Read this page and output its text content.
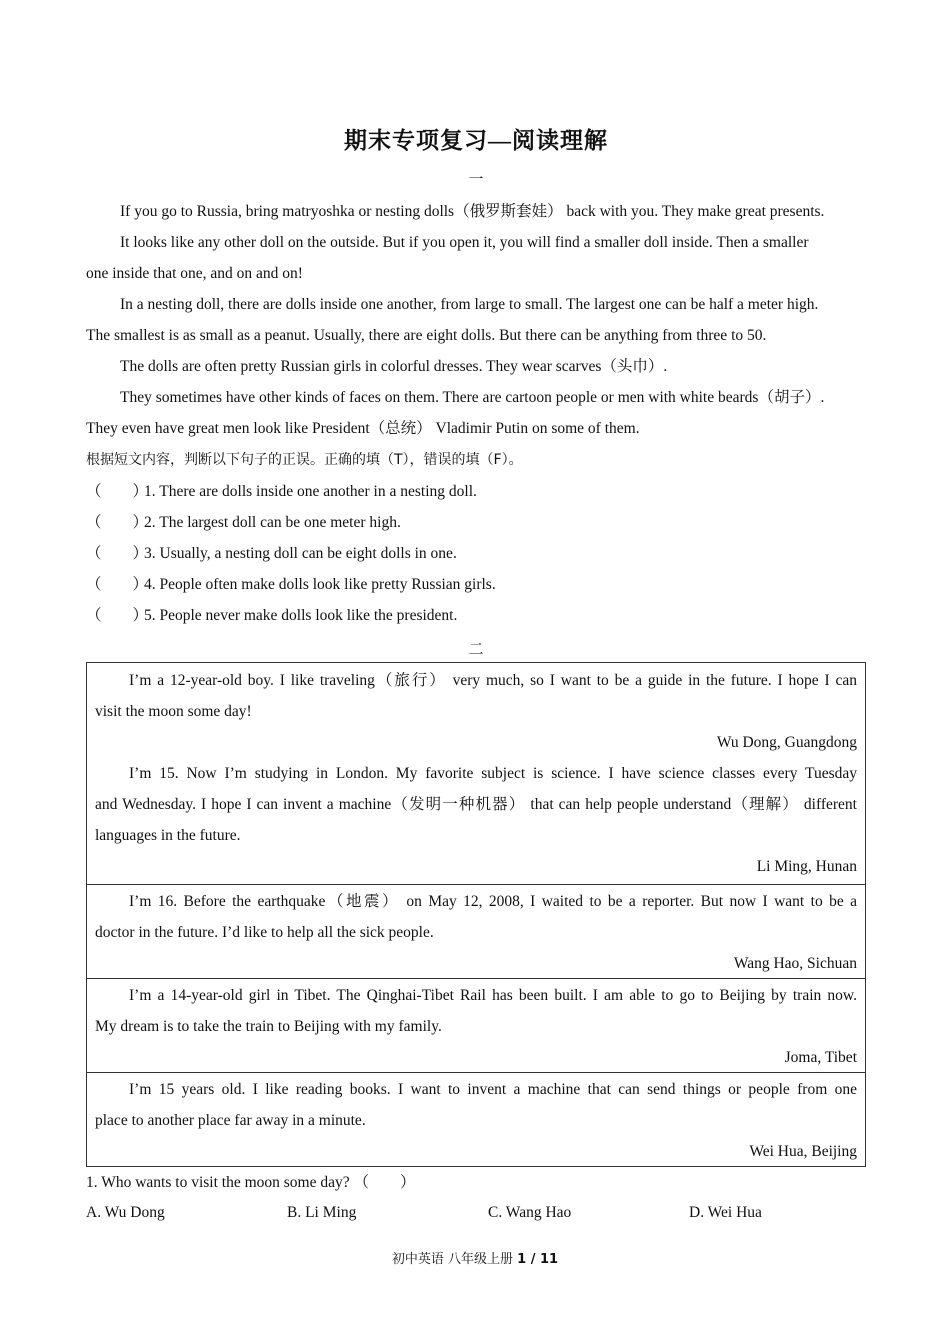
期末专项复习—阅读理解
一
If you go to Russia, bring matryoshka or nesting dolls（俄罗斯套娃） back with you. They make great presents.
It looks like any other doll on the outside. But if you open it, you will find a smaller doll inside. Then a smaller
one inside that one, and on and on!
In a nesting doll, there are dolls inside one another, from large to small. The largest one can be half a meter high.
The smallest is as small as a peanut. Usually, there are eight dolls. But there can be anything from three to 50.
The dolls are often pretty Russian girls in colorful dresses. They wear scarves（头巾）.
They sometimes have other kinds of faces on them. There are cartoon people or men with white beards（胡子）.
They even have great men look like President（总统） Vladimir Putin on some of them.
根据短文内容，判断以下句子的正误。正确的填（T），错误的填（F）。
（　　）1. There are dolls inside one another in a nesting doll.
（　　）2. The largest doll can be one meter high.
（　　）3. Usually, a nesting doll can be eight dolls in one.
（　　）4. People often make dolls look like pretty Russian girls.
（　　）5. People never make dolls look like the president.
二
I’m a 12-year-old boy. I like traveling（旅行） very much, so I want to be a guide in the future. I hope I can
visit the moon some day!
Wu Dong, Guangdong
I’m 15. Now I’m studying in London. My favorite subject is science. I have science classes every Tuesday
and Wednesday. I hope I can invent a machine（发明一种机器） that can help people understand（理解） different
languages in the future.
Li Ming, Hunan
I’m 16. Before the earthquake（地震） on May 12, 2008, I waited to be a reporter. But now I want to be a
doctor in the future. I’d like to help all the sick people.
Wang Hao, Sichuan
I’m a 14-year-old girl in Tibet. The Qinghai-Tibet Rail has been built. I am able to go to Beijing by train now.
My dream is to take the train to Beijing with my family.
Joma, Tibet
I’m 15 years old. I like reading books. I want to invent a machine that can send things or people from one
place to another place far away in a minute.
Wei Hua, Beijing
1. Who wants to visit the moon some day? （　　）
A. Wu Dong	B. Li Ming	C. Wang Hao	D. Wei Hua
初中英语 八年级上册 1 / 11
